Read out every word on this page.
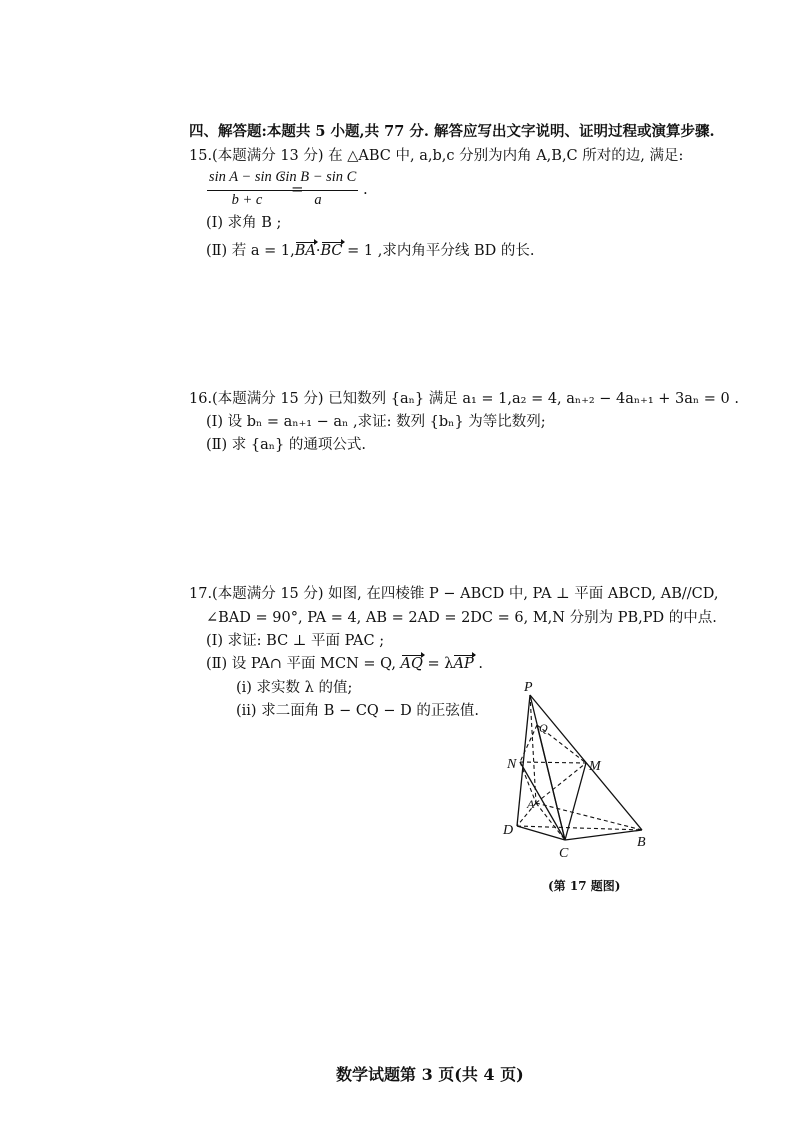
四、解答题:本题共 5 小题,共 77 分. 解答应写出文字说明、证明过程或演算步骤.
15.(本题满分 13 分) 在 △ABC 中, a,b,c 分别为内角 A,B,C 所对的边, 满足:
sin A − sin C
b + c
=
sin B − sin C
a
.
(Ⅰ) 求角 B ;
(Ⅱ) 若 a = 1,BA·BC = 1 ,求内角平分线 BD 的长.
16.(本题满分 15 分) 已知数列 {aₙ} 满足 a₁ = 1,a₂ = 4, aₙ₊₂ − 4aₙ₊₁ + 3aₙ = 0 .
(Ⅰ) 设 bₙ = aₙ₊₁ − aₙ ,求证: 数列 {bₙ} 为等比数列;
(Ⅱ) 求 {aₙ} 的通项公式.
17.(本题满分 15 分) 如图, 在四棱锥 P − ABCD 中, PA ⊥ 平面 ABCD, AB//CD,
∠BAD = 90°, PA = 4, AB = 2AD = 2DC = 6, M,N 分别为 PB,PD 的中点.
(Ⅰ) 求证: BC ⊥ 平面 PAC ;
(Ⅱ) 设 PA∩ 平面 MCN = Q, AQ = λAP .
(i) 求实数 λ 的值;
(ii) 求二面角 B − CQ − D 的正弦值.
P
Q
N	M
A
D
C
B
(第 17 题图)
数学试题第 3 页(共 4 页)
